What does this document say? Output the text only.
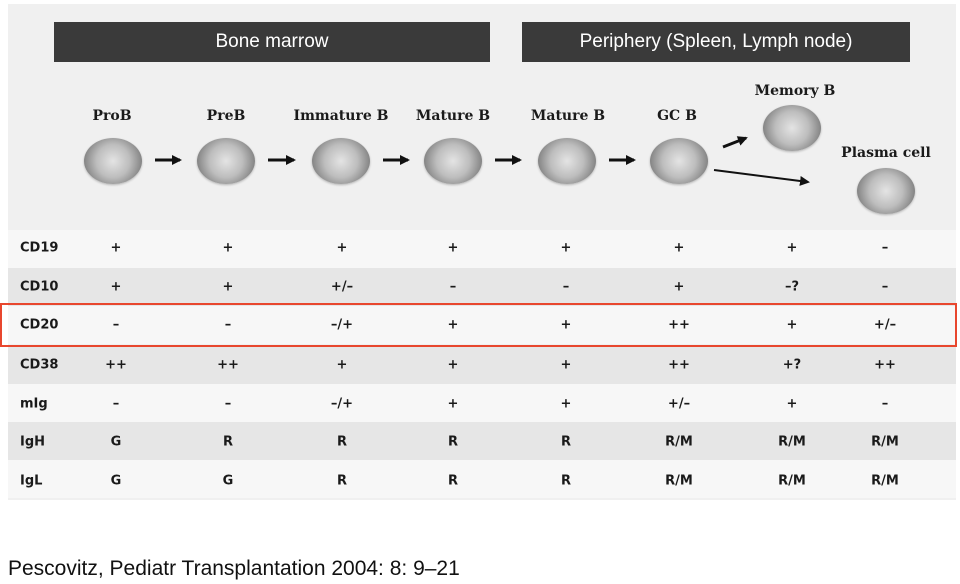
Bone marrow	Periphery (Spleen, Lymph node)
ProB	PreB	Immature B Mature B	Mature B	GC B
Memory B
Plasma cell
CD19	+	+	+	+	+	+	+	–
CD10	+	+	+/–	–	–	+	–?	–
CD20	–	–	–/+	+	+	++	+	+/–
CD38	++	++	+	+	+	++	+?	++
mIg	–	–	–/+	+	+	+/–	+	–
IgH	G	R	R	R	R	R/M	R/M	R/M
IgL	G	G	R	R	R	R/M	R/M	R/M
Pescovitz, Pediatr Transplantation 2004: 8: 9–21
